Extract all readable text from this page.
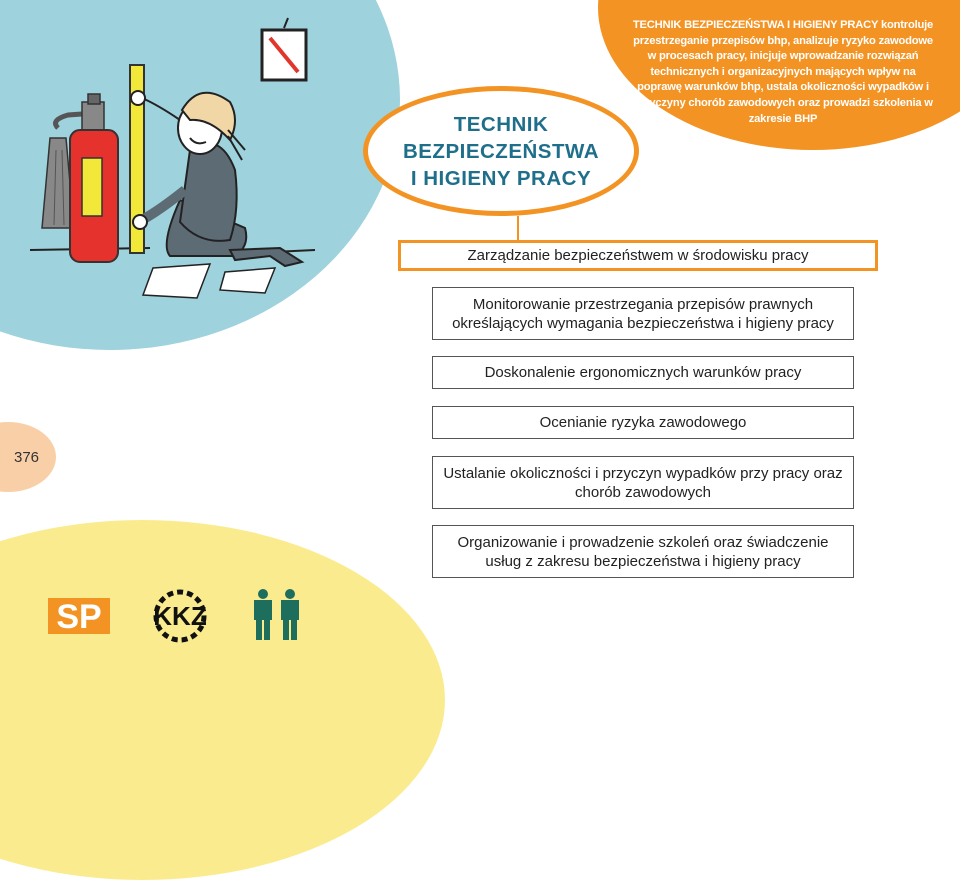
376
TECHNIK BEZPIECZEŃSTWA I HIGIENY PRACY kontroluje przestrzeganie przepisów bhp, analizuje ryzyko zawodowe w procesach pracy, inicjuje wprowadzanie rozwiązań technicznych i organizacyjnych mających wpływ na poprawę warunków bhp, ustala okoliczności wypadków i przyczyny chorób zawodowych oraz prowadzi szkolenia w zakresie BHP
TECHNIK BEZPIECZEŃSTWA I HIGIENY PRACY
Zarządzanie bezpieczeństwem w środowisku pracy
Monitorowanie przestrzegania przepisów prawnych określających wymagania bezpieczeństwa i higieny pracy
Doskonalenie ergonomicznych warunków pracy
Ocenianie ryzyka zawodowego
Ustalanie okoliczności i przyczyn wypadków przy pracy oraz chorób zawodowych
Organizowanie i prowadzenie szkoleń oraz świadczenie usług z zakresu bezpieczeństwa i higieny pracy
SP KKZ
